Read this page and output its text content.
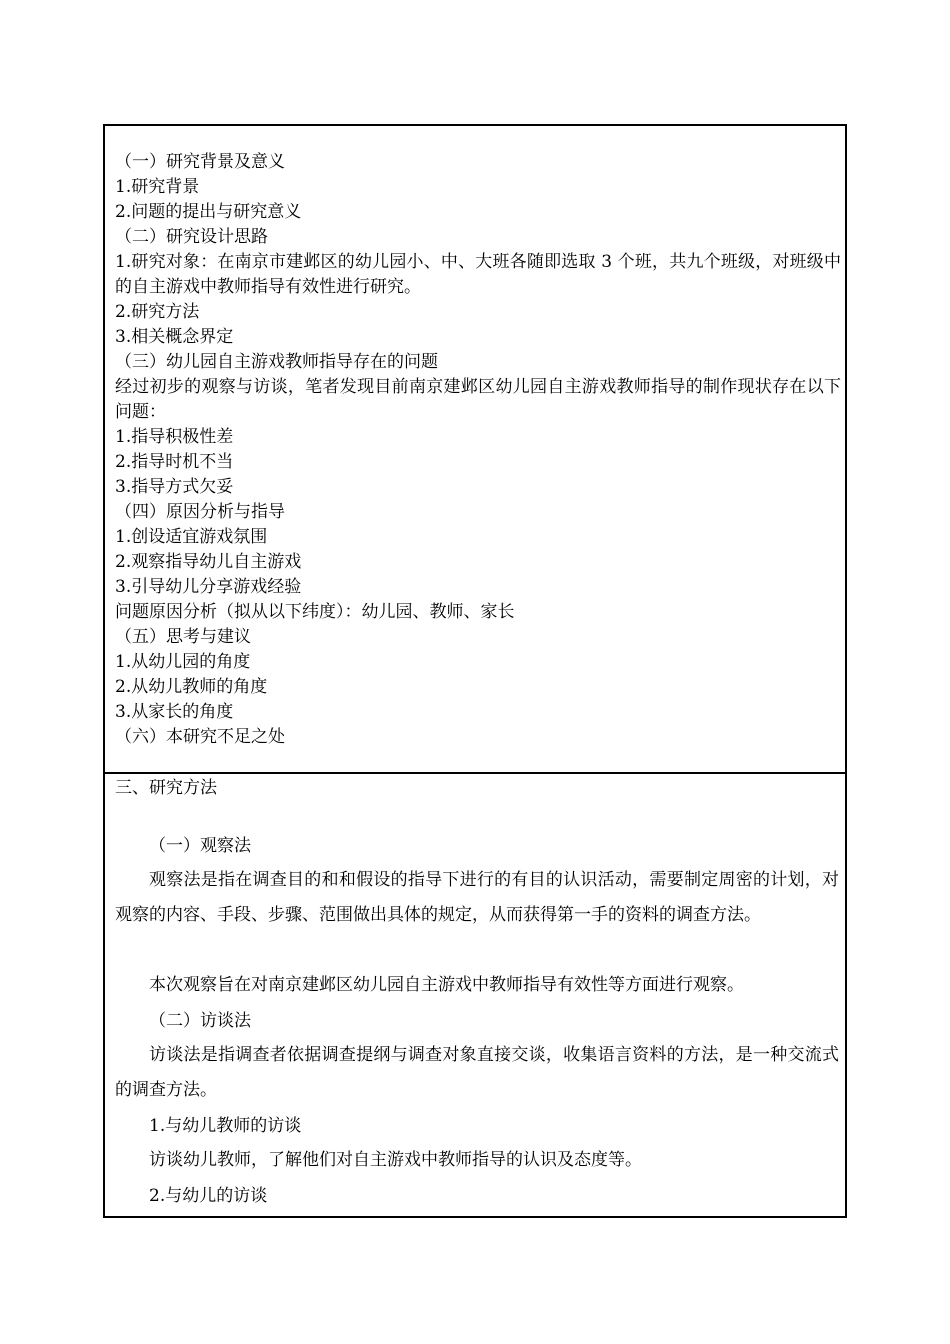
（一）研究背景及意义
1.研究背景
2.问题的提出与研究意义
（二）研究设计思路
1.研究对象：在南京市建邺区的幼儿园小、中、大班各随即选取 3 个班，共九个班级，对班级中的自主游戏中教师指导有效性进行研究。
2.研究方法
3.相关概念界定
（三）幼儿园自主游戏教师指导存在的问题
经过初步的观察与访谈，笔者发现目前南京建邺区幼儿园自主游戏教师指导的制作现状存在以下问题：
1.指导积极性差
2.指导时机不当
3.指导方式欠妥
（四）原因分析与指导
1.创设适宜游戏氛围
2.观察指导幼儿自主游戏
3.引导幼儿分享游戏经验
问题原因分析（拟从以下纬度）：幼儿园、教师、家长
（五）思考与建议
1.从幼儿园的角度
2.从幼儿教师的角度
3.从家长的角度
（六）本研究不足之处
三、研究方法
（一）观察法
观察法是指在调查目的和和假设的指导下进行的有目的认识活动，需要制定周密的计划，对观察的内容、手段、步骤、范围做出具体的规定，从而获得第一手的资料的调查方法。
本次观察旨在对南京建邺区幼儿园自主游戏中教师指导有效性等方面进行观察。
（二）访谈法
访谈法是指调查者依据调查提纲与调查对象直接交谈，收集语言资料的方法，是一种交流式的调查方法。
1.与幼儿教师的访谈
访谈幼儿教师，了解他们对自主游戏中教师指导的认识及态度等。
2.与幼儿的访谈
